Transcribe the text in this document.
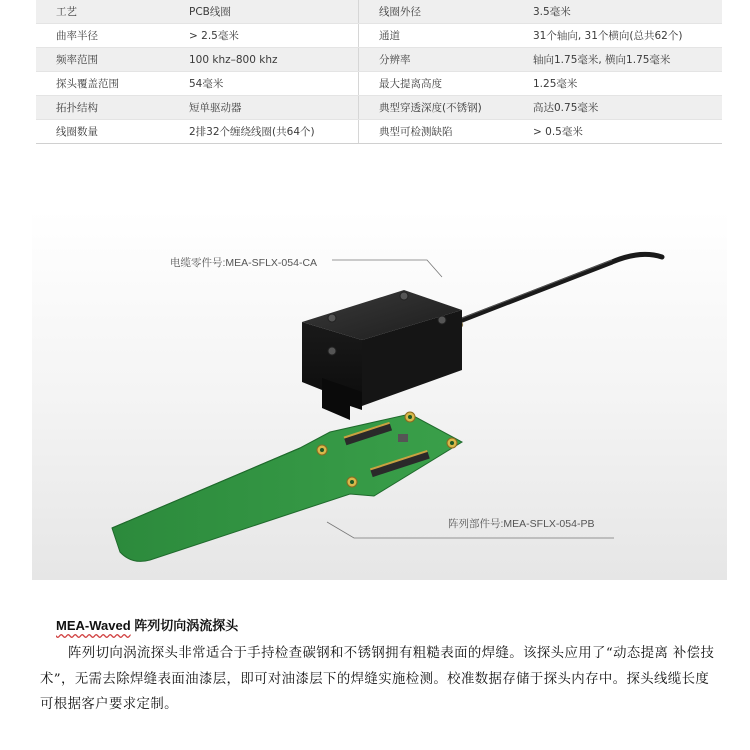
工艺	PCB线圈	线圈外径	3.5毫米
曲率半径	> 2.5毫米	通道	31个轴向, 31个横向(总共62个)
频率范围	100 khz–800 khz	分辨率	轴向1.75毫米, 横向1.75毫米
探头覆盖范围	54毫米	最大提离高度	1.25毫米
拓扑结构	短单驱动器	典型穿透深度(不锈钢)	高达0.75毫米
线圈数量	2排32个缠绕线圈(共64个)	典型可检测缺陷	> 0.5毫米
电缆零件号:MEA-SFLX-054-CA
阵列部件号:MEA-SFLX-054-PB
MEA-Waved 阵列切向涡流探头
阵列切向涡流探头非常适合于手持检查碳钢和不锈钢拥有粗糙表面的焊缝。该探头应用了“动态提离 补偿技术”，无需去除焊缝表面油漆层，即可对油漆层下的焊缝实施检测。校准数据存储于探头内存中。探头线缆长度可根据客户要求定制。
